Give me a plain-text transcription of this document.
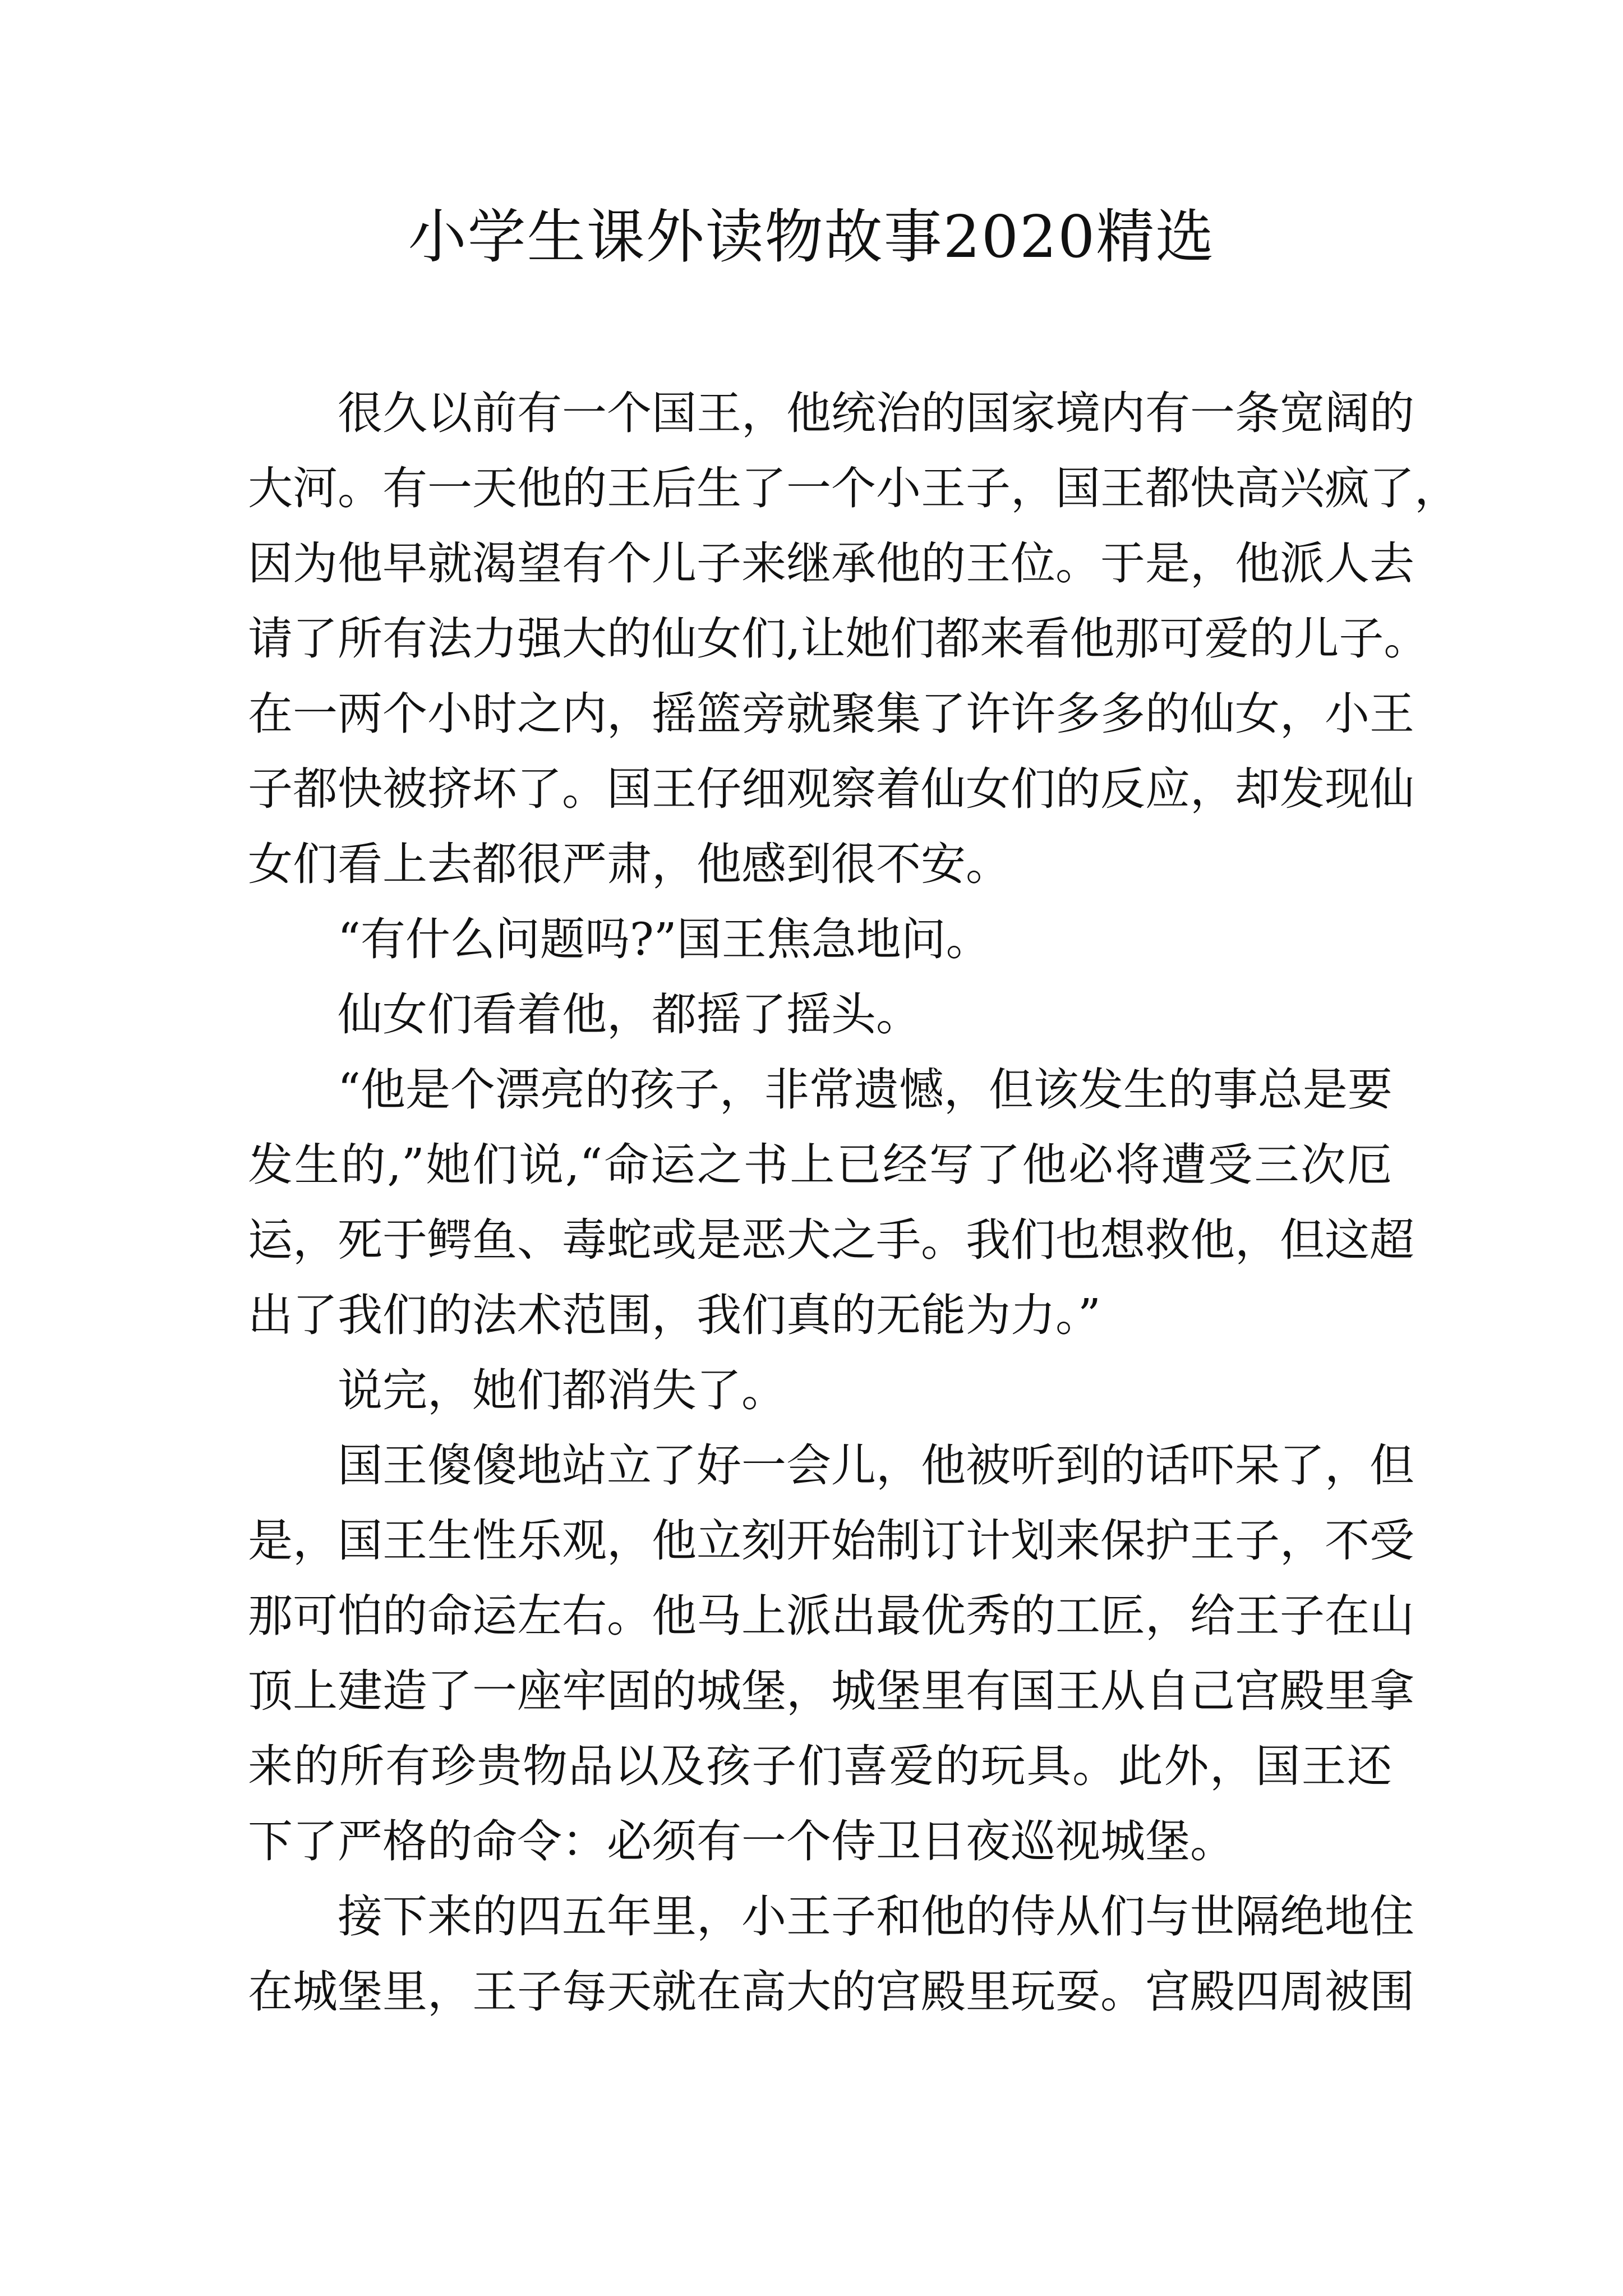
小学生课外读物故事2020精选
很久以前有一个国王，他统治的国家境内有一条宽阔的
大河。有一天他的王后生了一个小王子，国王都快高兴疯了，
因为他早就渴望有个儿子来继承他的王位。于是，他派人去
请了所有法力强大的仙女们,让她们都来看他那可爱的儿子。
在一两个小时之内，摇篮旁就聚集了许许多多的仙女，小王
子都快被挤坏了。国王仔细观察着仙女们的反应，却发现仙
女们看上去都很严肃，他感到很不安。
“有什么问题吗?”国王焦急地问。
仙女们看着他，都摇了摇头。
“他是个漂亮的孩子，非常遗憾，但该发生的事总是要
发生的,”她们说,“命运之书上已经写了他必将遭受三次厄
运，死于鳄鱼、毒蛇或是恶犬之手。我们也想救他，但这超
出了我们的法术范围，我们真的无能为力。”
说完，她们都消失了。
国王傻傻地站立了好一会儿，他被听到的话吓呆了，但
是，国王生性乐观，他立刻开始制订计划来保护王子，不受
那可怕的命运左右。他马上派出最优秀的工匠，给王子在山
顶上建造了一座牢固的城堡，城堡里有国王从自己宫殿里拿
来的所有珍贵物品以及孩子们喜爱的玩具。此外，国王还
下了严格的命令：必须有一个侍卫日夜巡视城堡。
接下来的四五年里，小王子和他的侍从们与世隔绝地住
在城堡里，王子每天就在高大的宫殿里玩耍。宫殿四周被围
